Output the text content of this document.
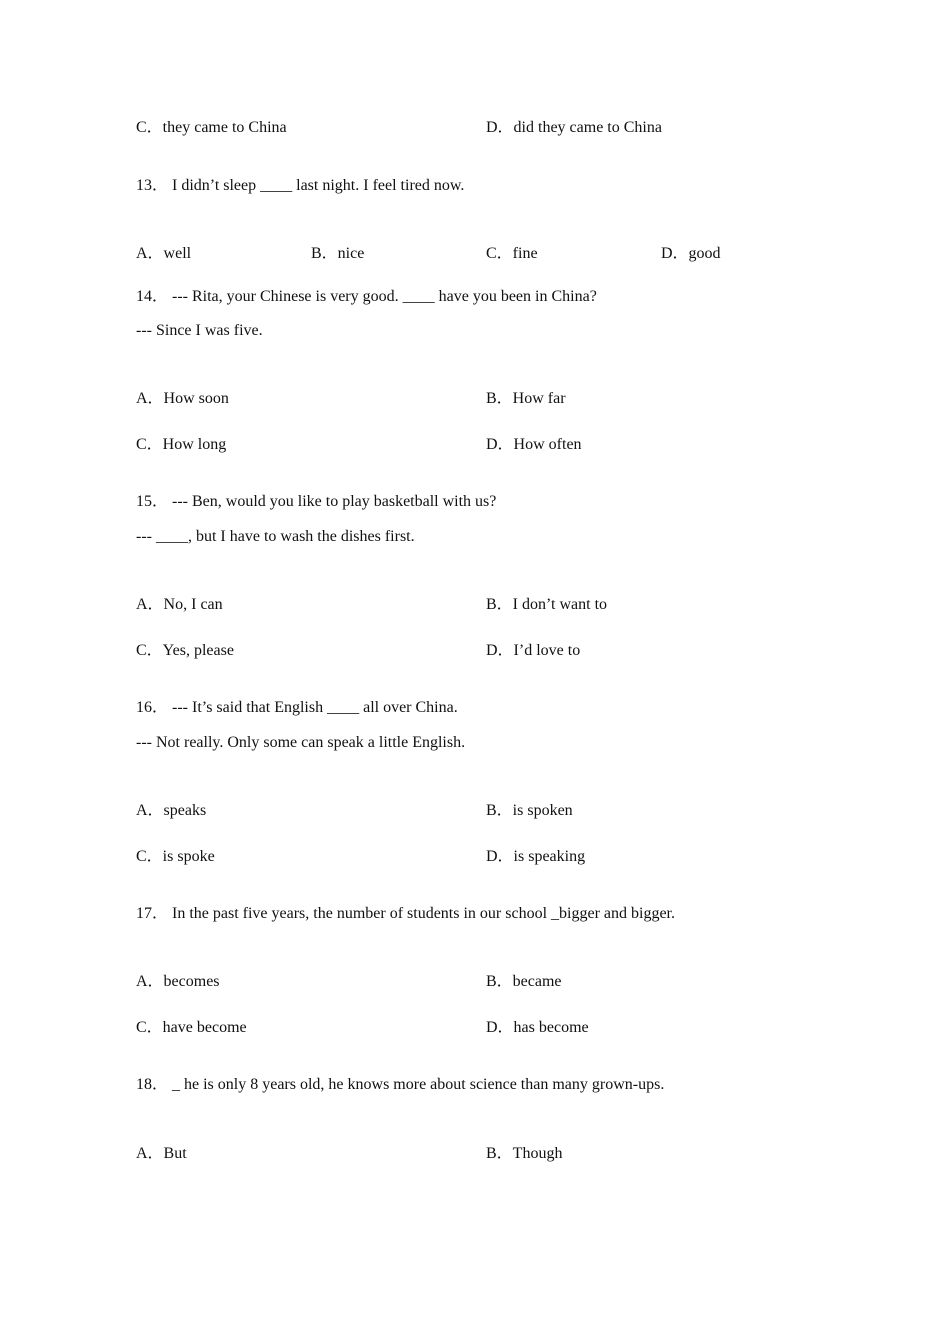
C．they came to China	D．did they came to China
13． I didn’t sleep ____ last night. I feel tired now.
A．well	B．nice	C．fine	D．good
14． --- Rita, your Chinese is very good. ____ have you been in China?
--- Since I was five.
A．How soon	B．How far
C．How long	D．How often
15． --- Ben, would you like to play basketball with us?
--- ____, but I have to wash the dishes first.
A．No, I can	B．I don’t want to
C．Yes, please	D．I’d love to
16． --- It’s said that English ____ all over China.
--- Not really. Only some can speak a little English.
A．speaks	B．is spoken
C．is spoke	D．is speaking
17． In the past five years, the number of students in our school _bigger and bigger.
A．becomes	B．became
C．have become	D．has become
18． _ he is only 8 years old, he knows more about science than many grown-ups.
A．But	B．Though
